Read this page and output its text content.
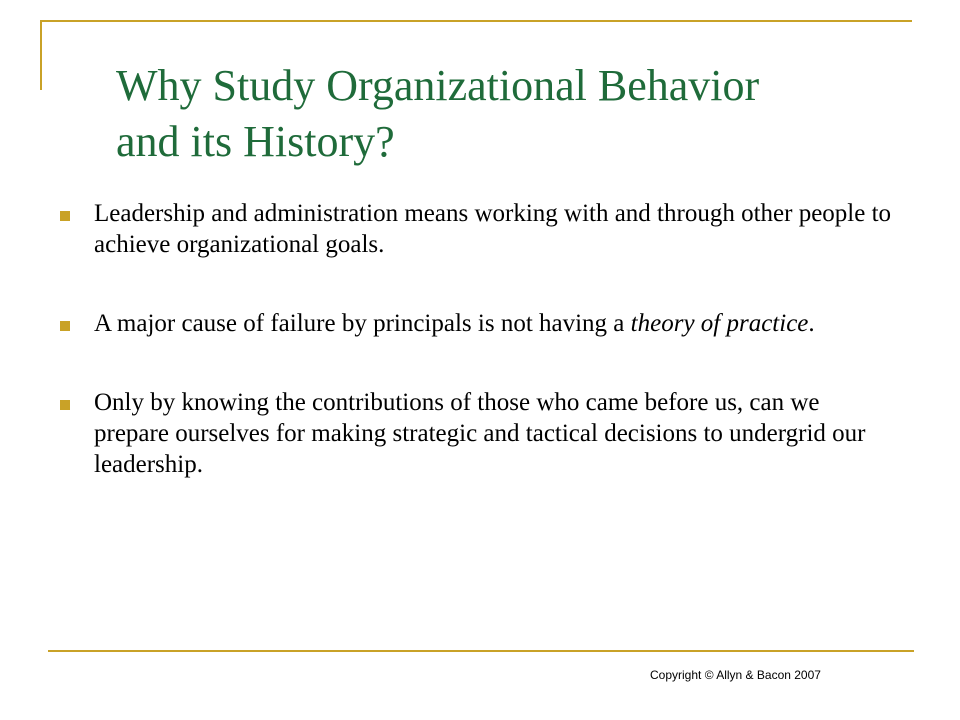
Why Study Organizational Behavior
and its History?
Leadership and administration means working with and through other people to achieve organizational goals.
A major cause of failure by principals is not having a theory of practice.
Only by knowing the contributions of those who came before us, can we prepare ourselves for making strategic and tactical decisions to undergrid our leadership.
Copyright © Allyn & Bacon 2007
